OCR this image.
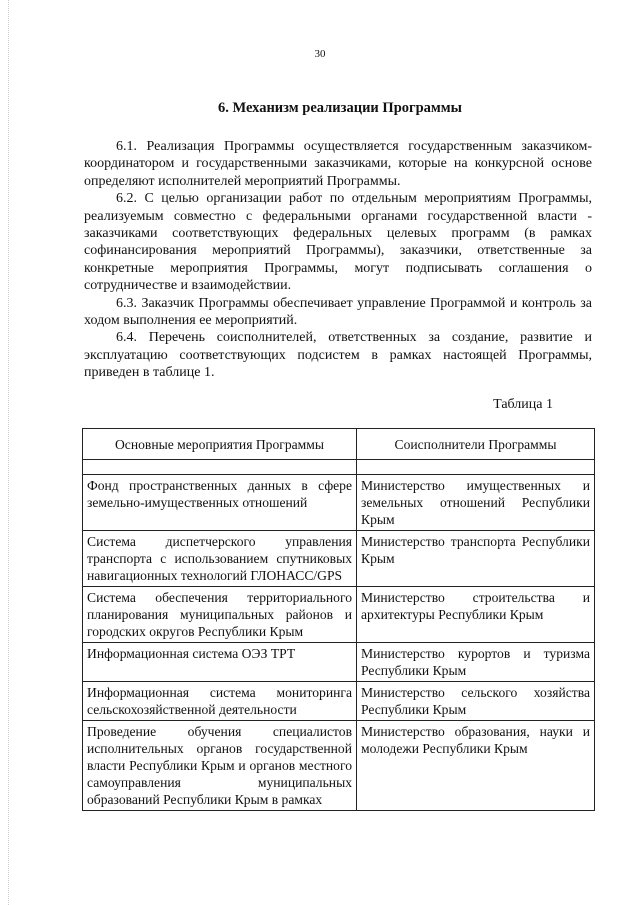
30
6. Механизм реализации Программы

6.1. Реализация Программы осуществляется государственным заказчиком-координатором и государственными заказчиками, которые на конкурсной основе определяют исполнителей мероприятий Программы.

6.2. С целью организации работ по отдельным мероприятиям Программы, реализуемым совместно с федеральными органами государственной власти - заказчиками соответствующих федеральных целевых программ (в рамках софинансирования мероприятий Программы), заказчики, ответственные за конкретные мероприятия Программы, могут подписывать соглашения о сотрудничестве и взаимодействии.

6.3. Заказчик Программы обеспечивает управление Программой и контроль за ходом выполнения ее мероприятий.

6.4. Перечень соисполнителей, ответственных за создание, развитие и эксплуатацию соответствующих подсистем в рамках настоящей Программы, приведен в таблице 1.

Таблица 1
Основные мероприятия Программы	Соисполнители Программы

Фонд пространственных данных в сфере земельно-имущественных отношений	Министерство имущественных и земельных отношений Республики Крым
Система диспетчерского управления транспорта с использованием спутниковых навигационных технологий ГЛОНАСС/GPS	Министерство транспорта Республики Крым
Система обеспечения территориального планирования муниципальных районов и городских округов Республики Крым	Министерство строительства и архитектуры Республики Крым
Информационная система ОЭЗ ТРТ	Министерство курортов и туризма Республики Крым
Информационная система мониторинга сельскохозяйственной деятельности	Министерство сельского хозяйства Республики Крым
Проведение обучения специалистов исполнительных органов государственной власти Республики Крым и органов местного самоуправления муниципальных образований Республики Крым в рамках	Министерство образования, науки и молодежи Республики Крым
